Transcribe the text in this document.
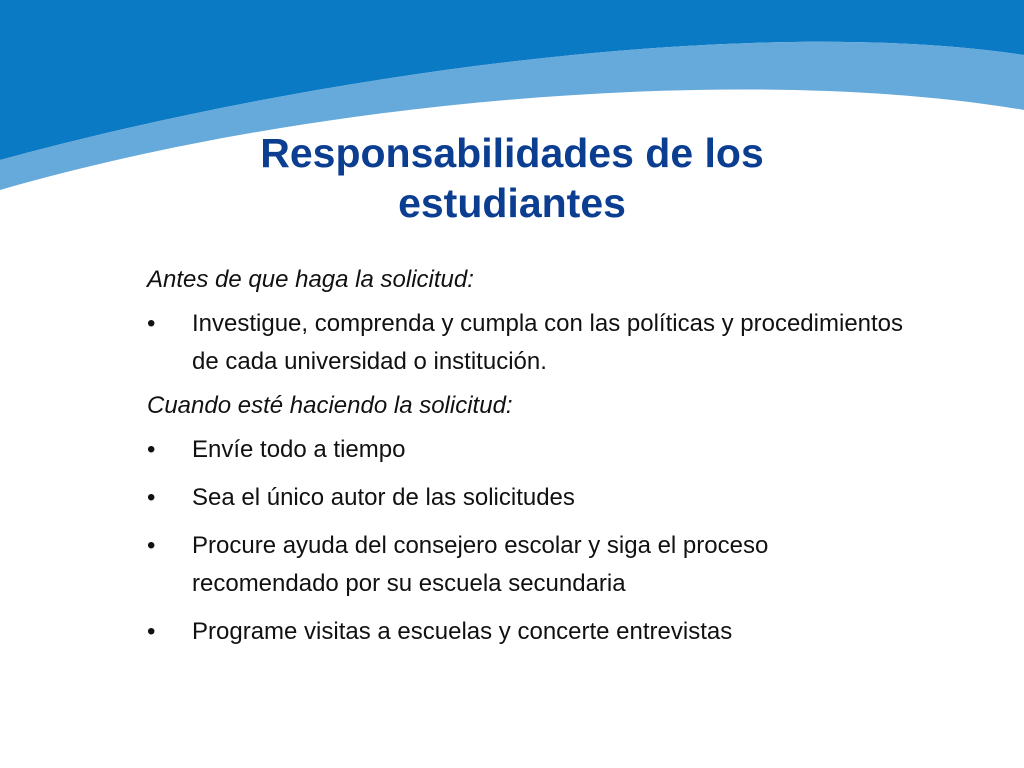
Responsabilidades de los estudiantes

Antes de que haga la solicitud:

•	Investigue, comprenda y cumpla con las políticas y procedimientos de cada universidad o institución.

Cuando esté haciendo la solicitud:

•	Envíe todo a tiempo
•	Sea el único autor de las solicitudes
•	Procure ayuda del consejero escolar y siga el proceso recomendado por su escuela secundaria
•	Programe visitas a escuelas y concerte entrevistas
